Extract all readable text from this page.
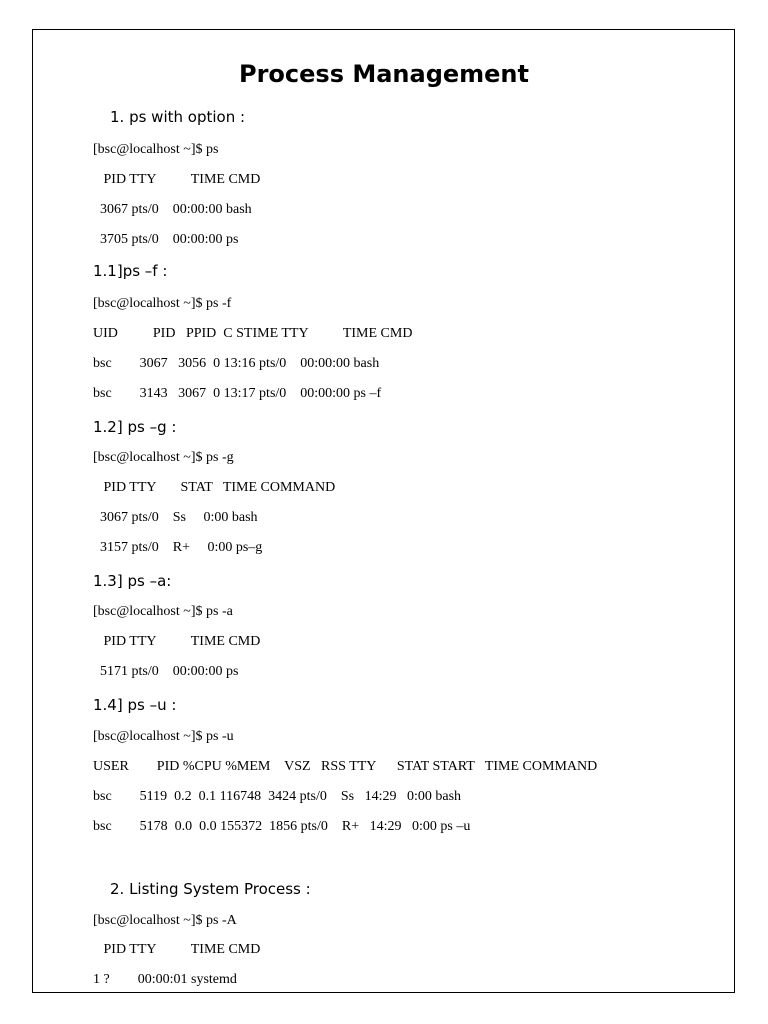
Process Management
1. ps with option :
[bsc@localhost ~]$ ps
PID TTY          TIME CMD
3067 pts/0    00:00:00 bash
3705 pts/0    00:00:00 ps
1.1]ps –f :
[bsc@localhost ~]$ ps -f
UID          PID   PPID  C STIME TTY          TIME CMD
bsc        3067   3056  0 13:16 pts/0    00:00:00 bash
bsc        3143   3067  0 13:17 pts/0    00:00:00 ps –f
1.2] ps –g :
[bsc@localhost ~]$ ps -g
PID TTY       STAT   TIME COMMAND
3067 pts/0    Ss     0:00 bash
3157 pts/0    R+     0:00 ps–g
1.3] ps –a:
[bsc@localhost ~]$ ps -a
PID TTY          TIME CMD
5171 pts/0    00:00:00 ps
1.4] ps –u :
[bsc@localhost ~]$ ps -u
USER        PID %CPU %MEM    VSZ   RSS TTY      STAT START   TIME COMMAND
bsc        5119  0.2  0.1 116748  3424 pts/0    Ss   14:29   0:00 bash
bsc        5178  0.0  0.0 155372  1856 pts/0    R+   14:29   0:00 ps –u
2. Listing System Process :
[bsc@localhost ~]$ ps -A
PID TTY          TIME CMD
1 ?        00:00:01 systemd
